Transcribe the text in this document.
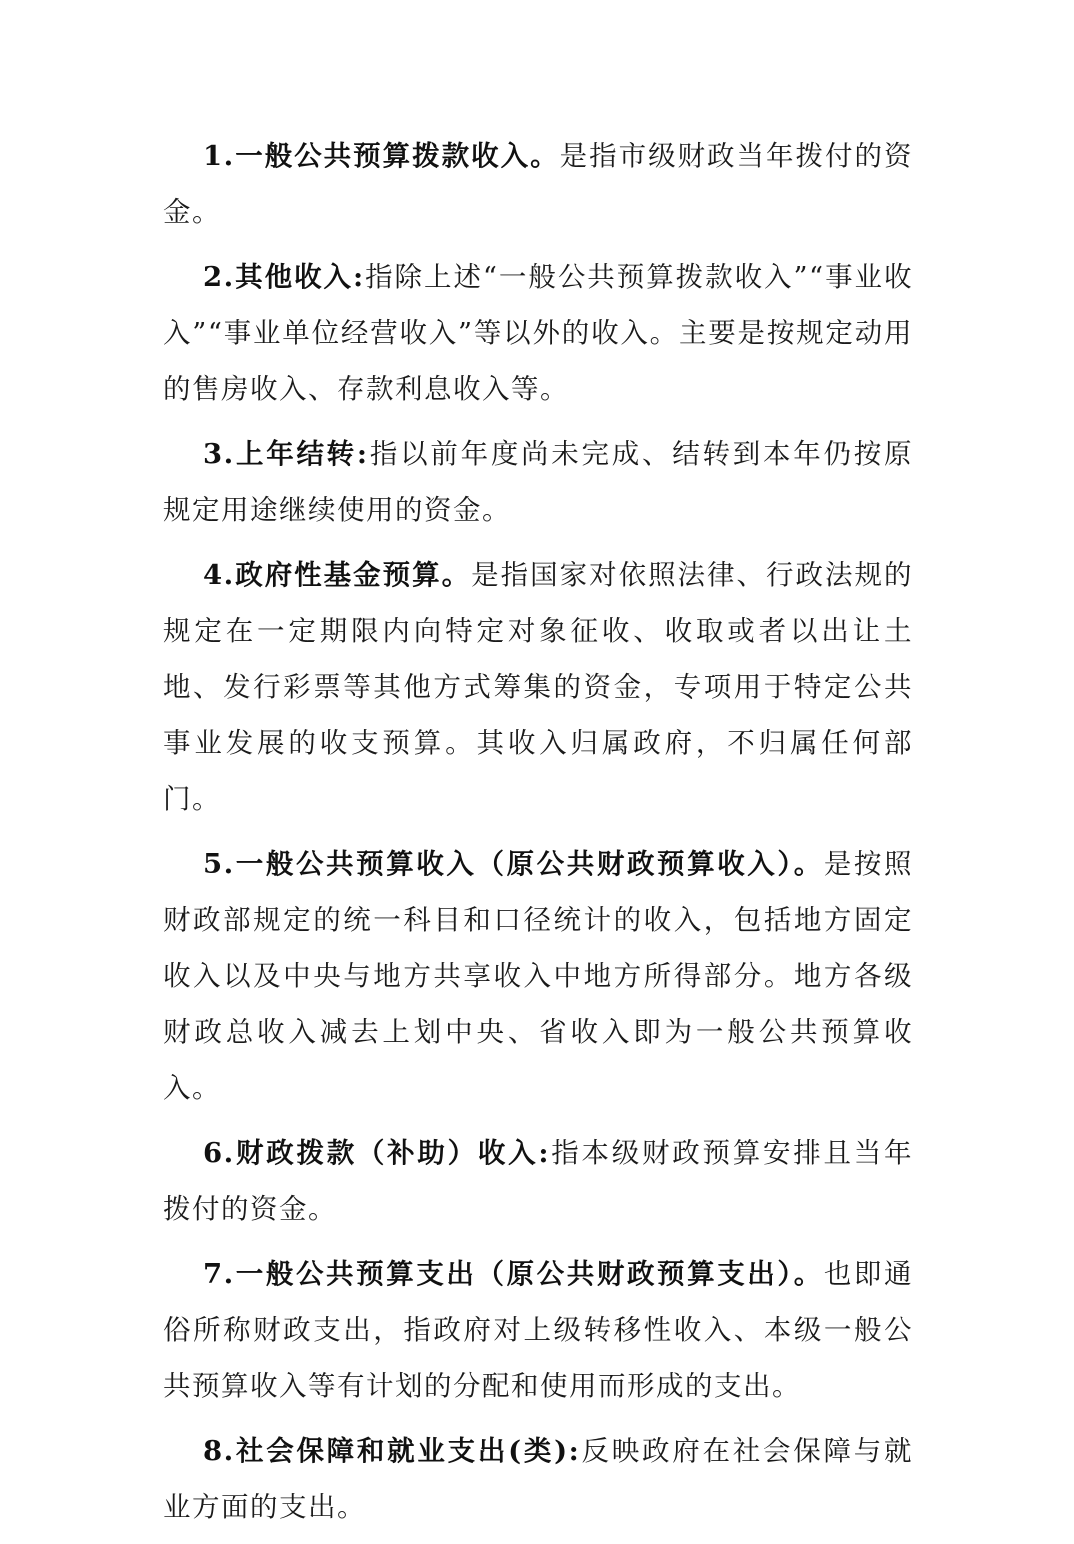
1.一般公共预算拨款收入。是指市级财政当年拨付的资金。

2.其他收入:指除上述“一般公共预算拨款收入”“事业收入”“事业单位经营收入”等以外的收入。主要是按规定动用的售房收入、存款利息收入等。

3.上年结转:指以前年度尚未完成、结转到本年仍按原规定用途继续使用的资金。

4.政府性基金预算。是指国家对依照法律、行政法规的规定在一定期限内向特定对象征收、收取或者以出让土地、发行彩票等其他方式筹集的资金，专项用于特定公共事业发展的收支预算。其收入归属政府，不归属任何部门。

5.一般公共预算收入（原公共财政预算收入）。是按照财政部规定的统一科目和口径统计的收入，包括地方固定收入以及中央与地方共享收入中地方所得部分。地方各级财政总收入减去上划中央、省收入即为一般公共预算收入。

6.财政拨款（补助）收入:指本级财政预算安排且当年拨付的资金。

7.一般公共预算支出（原公共财政预算支出）。也即通俗所称财政支出，指政府对上级转移性收入、本级一般公共预算收入等有计划的分配和使用而形成的支出。

8.社会保障和就业支出(类):反映政府在社会保障与就业方面的支出。
